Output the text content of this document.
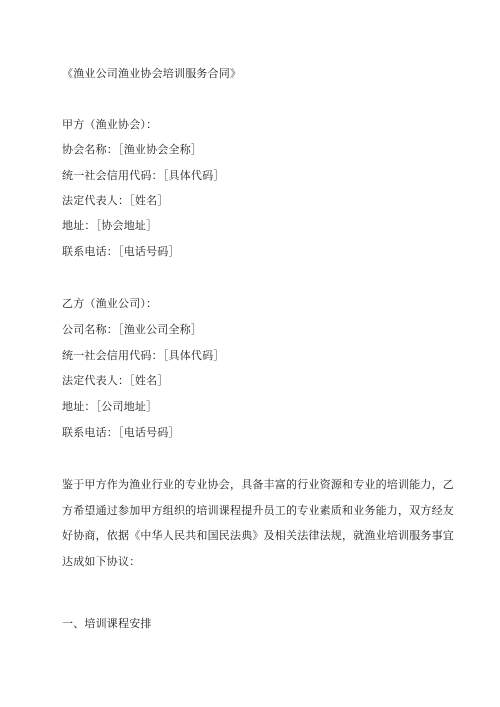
《渔业公司渔业协会培训服务合同》
甲方（渔业协会）：
协会名称：［渔业协会全称］
统一社会信用代码：［具体代码］
法定代表人：［姓名］
地址：［协会地址］
联系电话：［电话号码］
乙方（渔业公司）：
公司名称：［渔业公司全称］
统一社会信用代码：［具体代码］
法定代表人：［姓名］
地址：［公司地址］
联系电话：［电话号码］
鉴于甲方作为渔业行业的专业协会，具备丰富的行业资源和专业的培训能力，乙
方希望通过参加甲方组织的培训课程提升员工的专业素质和业务能力，双方经友
好协商，依据《中华人民共和国民法典》及相关法律法规，就渔业培训服务事宜
达成如下协议：
一、培训课程安排
